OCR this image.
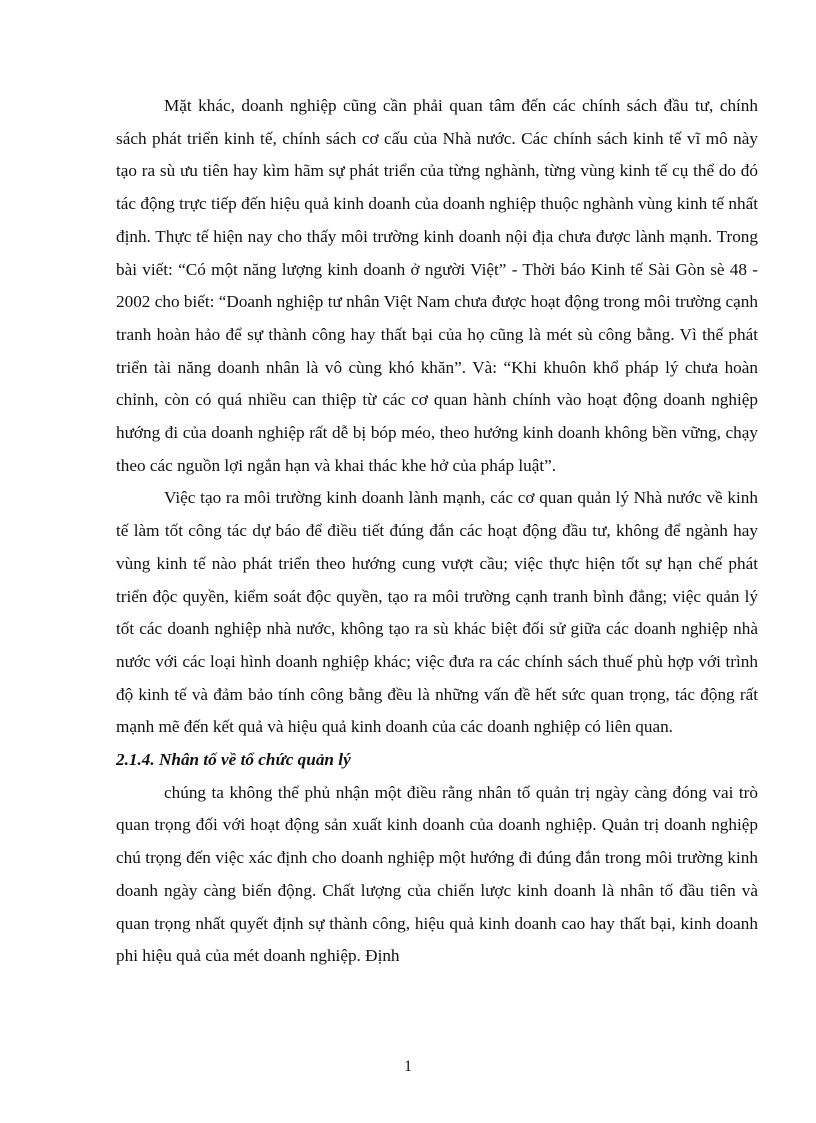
Mặt khác, doanh nghiệp cũng cần phải quan tâm đến các chính sách đầu tư, chính sách phát triển kinh tế, chính sách cơ cấu của Nhà nước. Các chính sách kinh tế vĩ mô này tạo ra sù ưu tiên hay kìm hãm sự phát triển của từng nghành, từng vùng kinh tế cụ thể do đó tác động trực tiếp đến hiệu quả kinh doanh của doanh nghiệp thuộc nghành vùng kinh tế nhất định. Thực tế hiện nay cho thấy môi trường kinh doanh nội địa chưa được lành mạnh. Trong bài viết: “Có một năng lượng kinh doanh ở người Việt” - Thời báo Kinh tế Sài Gòn sè 48 - 2002 cho biết: “Doanh nghiệp tư nhân Việt Nam chưa được hoạt động trong môi trường cạnh tranh hoàn hảo để sự thành công hay thất bại của họ cũng là mét sù công bằng. Vì thế phát triển tài năng doanh nhân là vô cùng khó khăn”. Và: “Khi khuôn khổ pháp lý chưa hoàn chỉnh, còn có quá nhiều can thiệp từ các cơ quan hành chính vào hoạt động doanh nghiệp hướng đi của doanh nghiệp rất dễ bị bóp méo, theo hướng kinh doanh không bền vững, chạy theo các nguồn lợi ngắn hạn và khai thác khe hở của pháp luật”.

Việc tạo ra môi trường kinh doanh lành mạnh, các cơ quan quản lý Nhà nước về kinh tế làm tốt công tác dự báo để điều tiết đúng đắn các hoạt động đầu tư, không để ngành hay vùng kinh tế nào phát triển theo hướng cung vượt cầu; việc thực hiện tốt sự hạn chế phát triển độc quyền, kiểm soát độc quyền, tạo ra môi trường cạnh tranh bình đẳng; việc quản lý tốt các doanh nghiệp nhà nước, không tạo ra sù khác biệt đối sử giữa các doanh nghiệp nhà nước với các loại hình doanh nghiệp khác; việc đưa ra các chính sách thuế phù hợp với trình độ kinh tế và đảm bảo tính công bằng đều là những vấn đề hết sức quan trọng, tác động rất mạnh mẽ đến kết quả và hiệu quả kinh doanh của các doanh nghiệp có liên quan.

2.1.4. Nhân tố về tổ chức quản lý

chúng ta không thể phủ nhận một điều rằng nhân tố quản trị ngày càng đóng vai trò quan trọng đối với hoạt động sản xuất kinh doanh của doanh nghiệp. Quản trị doanh nghiệp chú trọng đến việc xác định cho doanh nghiệp một hướng đi đúng đắn trong môi trường kinh doanh ngày càng biến động. Chất lượng của chiến lược kinh doanh là nhân tố đầu tiên và quan trọng nhất quyết định sự thành công, hiệu quả kinh doanh cao hay thất bại, kinh doanh phi hiệu quả của mét doanh nghiệp. Định

1
